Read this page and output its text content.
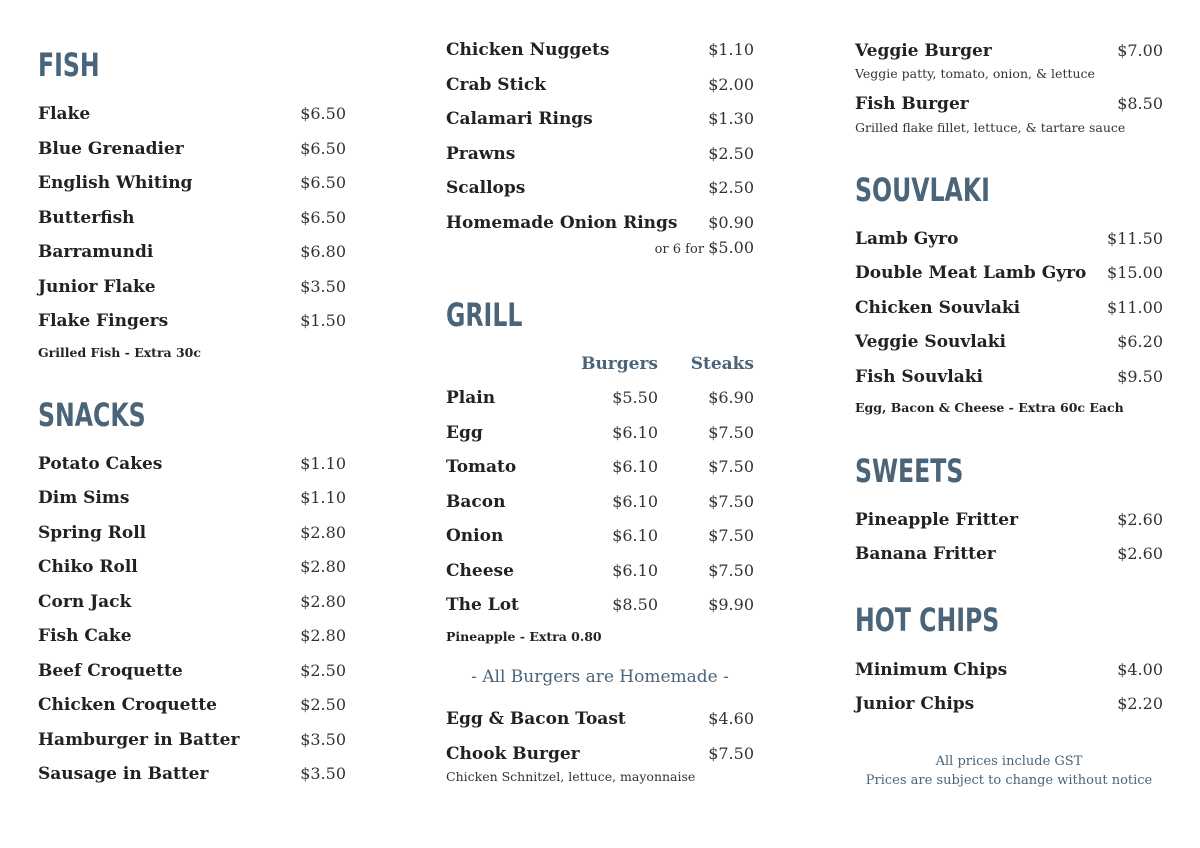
FISH
Flake	$6.50
Blue Grenadier	$6.50
English Whiting	$6.50
Butterfish	$6.50
Barramundi	$6.80
Junior Flake	$3.50
Flake Fingers	$1.50
Grilled Fish - Extra 30c
SNACKS
Potato Cakes	$1.10
Dim Sims	$1.10
Spring Roll	$2.80
Chiko Roll	$2.80
Corn Jack	$2.80
Fish Cake	$2.80
Beef Croquette	$2.50
Chicken Croquette	$2.50
Hamburger in Batter	$3.50
Sausage in Batter	$3.50
Chicken Nuggets	$1.10
Crab Stick	$2.00
Calamari Rings	$1.30
Prawns	$2.50
Scallops	$2.50
Homemade Onion Rings $0.90
or 6 for $5.00
GRILL
Burgers	Steaks
Plain	$5.50	$6.90
Egg	$6.10	$7.50
Tomato	$6.10	$7.50
Bacon	$6.10	$7.50
Onion	$6.10	$7.50
Cheese	$6.10	$7.50
The Lot	$8.50	$9.90
Pineapple - Extra 0.80
- All Burgers are Homemade -
Egg & Bacon Toast	$4.60
Chook Burger	$7.50
Chicken Schnitzel, lettuce, mayonnaise
Veggie Burger	$7.00
Veggie patty, tomato, onion, & lettuce
Fish Burger	$8.50
Grilled flake fillet, lettuce, & tartare sauce
SOUVLAKI
Lamb Gyro	$11.50
Double Meat Lamb Gyro $15.00
Chicken Souvlaki	$11.00
Veggie Souvlaki	$6.20
Fish Souvlaki	$9.50
Egg, Bacon & Cheese - Extra 60c Each
SWEETS
Pineapple Fritter	$2.60
Banana Fritter	$2.60
HOT CHIPS
Minimum Chips	$4.00
Junior Chips	$2.20
All prices include GST
Prices are subject to change without notice
